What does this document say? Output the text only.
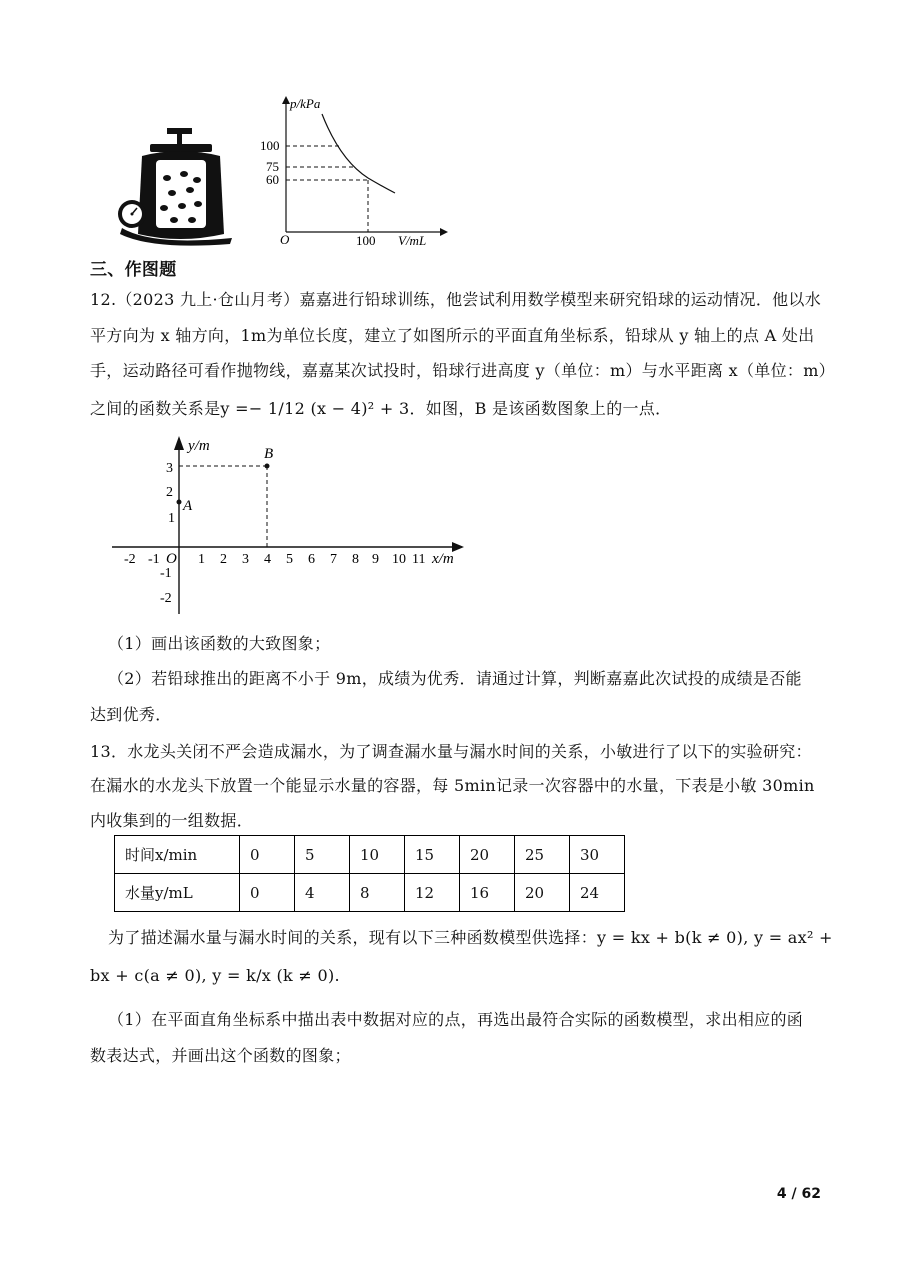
p/kPa
100
75
60
O	100 V/mL
三、作图题
12.（2023 九上·仓山月考）嘉嘉进行铅球训练，他尝试利用数学模型来研究铅球的运动情况．他以水
平方向为 x 轴方向，1m为单位长度，建立了如图所示的平面直角坐标系，铅球从 y 轴上的点 A 处出
手，运动路径可看作抛物线，嘉嘉某次试投时，铅球行进高度 y（单位：m）与水平距离 x（单位：m）
之间的函数关系是y =− 1/12 (x − 4)² + 3．如图，B 是该函数图象上的一点．
y/m
x/m
O
B
A
-2 -1	1 2 3 4 5 6 7 8 9 10 11
3
2
1
-1
-2
（1）画出该函数的大致图象；
（2）若铅球推出的距离不小于 9m，成绩为优秀．请通过计算，判断嘉嘉此次试投的成绩是否能
达到优秀．
13．水龙头关闭不严会造成漏水，为了调查漏水量与漏水时间的关系，小敏进行了以下的实验研究：
在漏水的水龙头下放置一个能显示水量的容器，每 5min记录一次容器中的水量，下表是小敏 30min
内收集到的一组数据．
时间x/min	0	5	10	15	20	25	30
水量y/mL	0	4	8	12	16	20	24
为了描述漏水量与漏水时间的关系，现有以下三种函数模型供选择：y = kx + b(k ≠ 0), y = ax² +
bx + c(a ≠ 0), y = k/x (k ≠ 0).
（1）在平面直角坐标系中描出表中数据对应的点，再选出最符合实际的函数模型，求出相应的函
数表达式，并画出这个函数的图象；
4 / 62
